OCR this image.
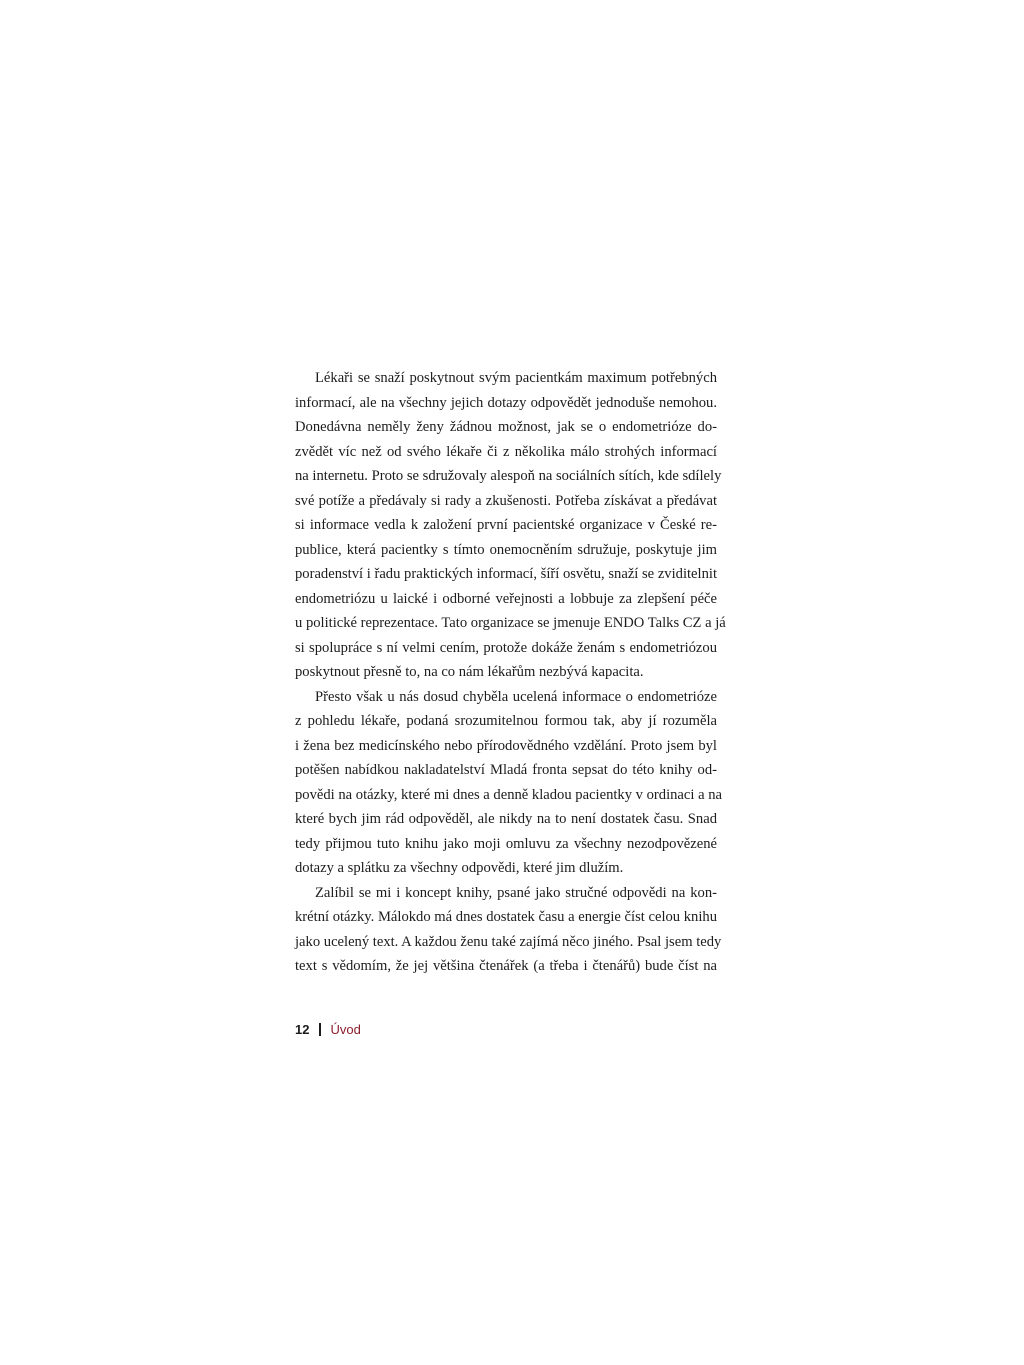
Lékaři se snaží poskytnout svým pacientkám maximum potřebných
informací, ale na všechny jejich dotazy odpovědět jednoduše nemohou.
Donedávna neměly ženy žádnou možnost, jak se o endometrióze do-
zvědět víc než od svého lékaře či z několika málo strohých informací
na internetu. Proto se sdružovaly alespoň na sociálních sítích, kde sdílely
své potíže a předávaly si rady a zkušenosti. Potřeba získávat a předávat
si informace vedla k založení první pacientské organizace v České re-
publice, která pacientky s tímto onemocněním sdružuje, poskytuje jim
poradenství i řadu praktických informací, šíří osvětu, snaží se zviditelnit
endometriózu u laické i odborné veřejnosti a lobbuje za zlepšení péče
u politické reprezentace. Tato organizace se jmenuje ENDO Talks CZ a já
si spolupráce s ní velmi cením, protože dokáže ženám s endometriózou
poskytnout přesně to, na co nám lékařům nezbývá kapacita.
Přesto však u nás dosud chyběla ucelená informace o endometrióze
z pohledu lékaře, podaná srozumitelnou formou tak, aby jí rozuměla
i žena bez medicínského nebo přírodovědného vzdělání. Proto jsem byl
potěšen nabídkou nakladatelství Mladá fronta sepsat do této knihy od-
povědi na otázky, které mi dnes a denně kladou pacientky v ordinaci a na
které bych jim rád odpověděl, ale nikdy na to není dostatek času. Snad
tedy přijmou tuto knihu jako moji omluvu za všechny nezodpovězené
dotazy a splátku za všechny odpovědi, které jim dlužím.
Zalíbil se mi i koncept knihy, psané jako stručné odpovědi na kon-
krétní otázky. Málokdo má dnes dostatek času a energie číst celou knihu
jako ucelený text. A každou ženu také zajímá něco jiného. Psal jsem tedy
text s vědomím, že jej většina čtenářek (a třeba i čtenářů) bude číst na
12 Úvod
